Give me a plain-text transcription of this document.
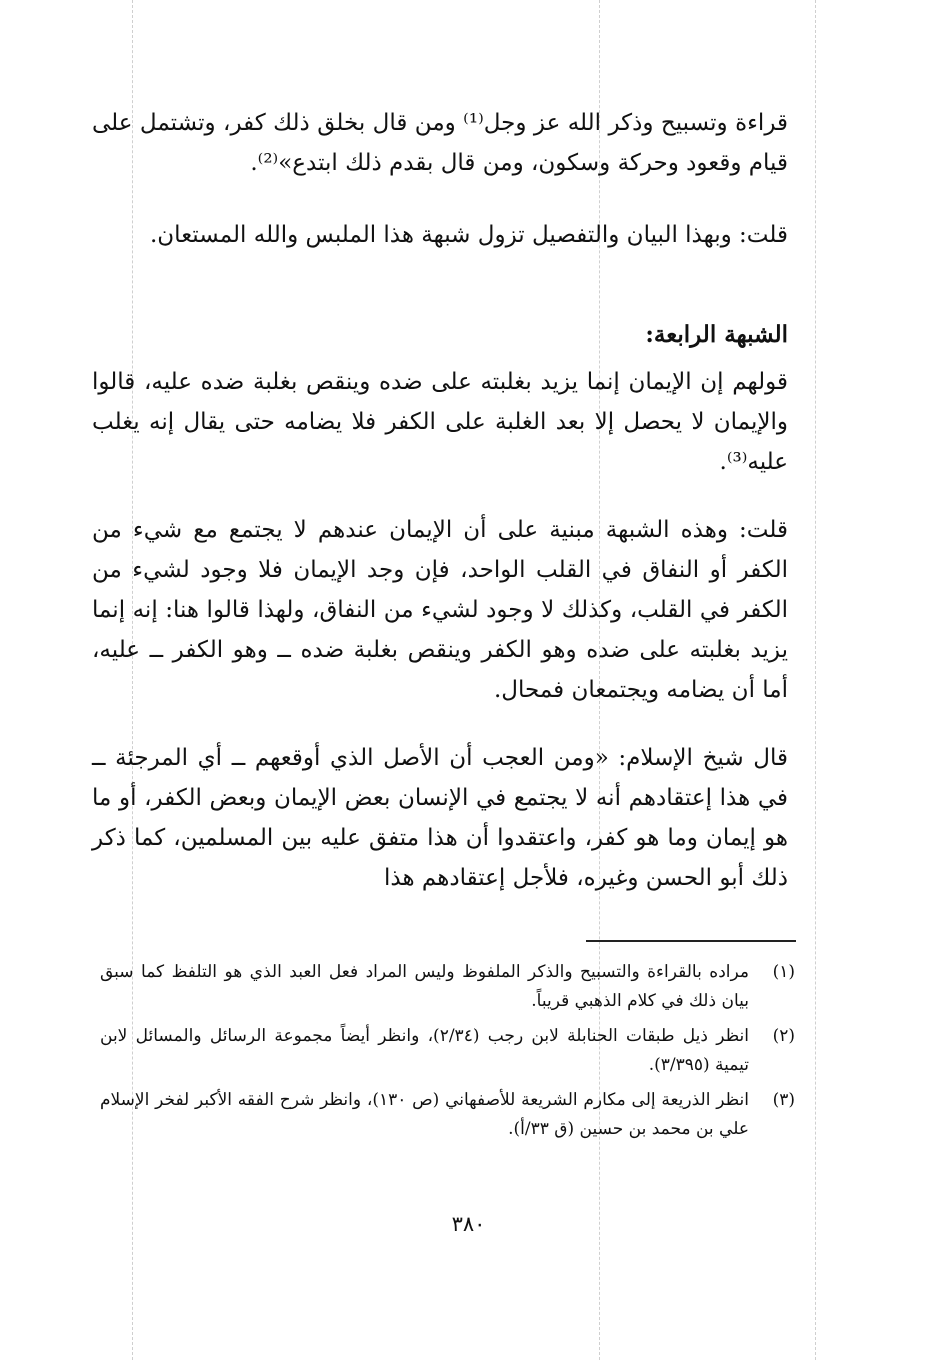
قراءة وتسبيح وذكر الله عز وجل⁽¹⁾ ومن قال بخلق ذلك كفر، وتشتمل على قيام وقعود وحركة وسكون، ومن قال بقدم ذلك ابتدع»⁽²⁾.

قلت: وبهذا البيان والتفصيل تزول شبهة هذا الملبس والله المستعان.

الشبهة الرابعة:

قولهم إن الإيمان إنما يزيد بغلبته على ضده وينقص بغلبة ضده عليه، قالوا والإيمان لا يحصل إلا بعد الغلبة على الكفر فلا يضامه حتى يقال إنه يغلب عليه⁽³⁾.

قلت: وهذه الشبهة مبنية على أن الإيمان عندهم لا يجتمع مع شيء من الكفر أو النفاق في القلب الواحد، فإن وجد الإيمان فلا وجود لشيء من الكفر في القلب، وكذلك لا وجود لشيء من النفاق، ولهذا قالوا هنا: إنه إنما يزيد بغلبته على ضده وهو الكفر وينقص بغلبة ضده ــ وهو الكفر ــ عليه، أما أن يضامه ويجتمعان فمحال.

قال شيخ الإسلام: «ومن العجب أن الأصل الذي أوقعهم ــ أي المرجئة ــ في هذا إعتقادهم أنه لا يجتمع في الإنسان بعض الإيمان وبعض الكفر، أو ما هو إيمان وما هو كفر، واعتقدوا أن هذا متفق عليه بين المسلمين، كما ذكر ذلك أبو الحسن وغيره، فلأجل إعتقادهم هذا

(١)
مراده بالقراءة والتسبيح والذكر الملفوظ وليس المراد فعل العبد الذي هو التلفظ كما سبق بيان ذلك في كلام الذهبي قريباً.
(٢)
انظر ذيل طبقات الحنابلة لابن رجب (٢/٣٤)، وانظر أيضاً مجموعة الرسائل والمسائل لابن تيمية (٣/٣٩٥).
(٣)
انظر الذريعة إلى مكارم الشريعة للأصفهاني (ص ١٣٠)، وانظر شرح الفقه الأكبر لفخر الإسلام علي بن محمد بن حسين (ق ٣٣/أ).
٣٨٠
